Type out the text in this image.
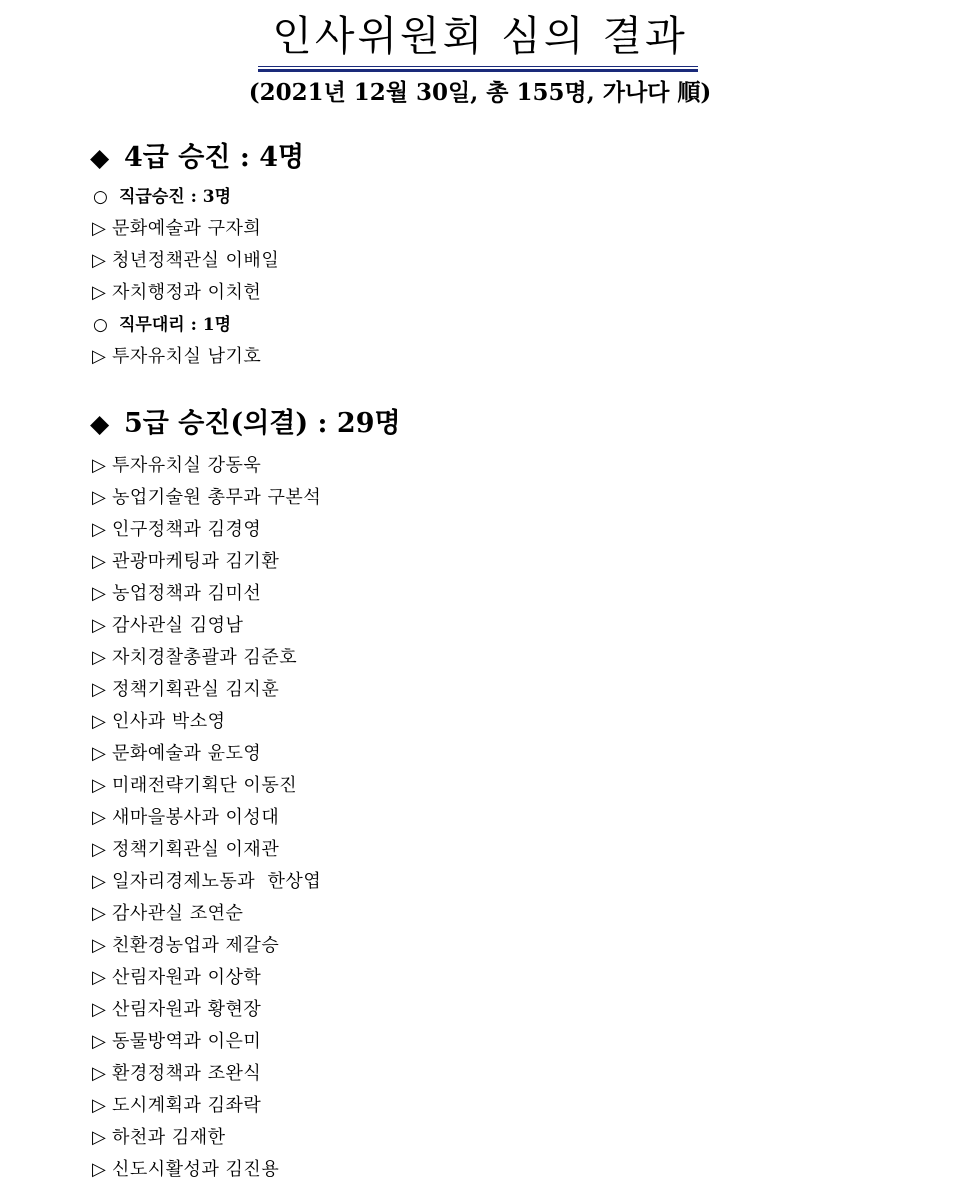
인사위원회 심의 결과
(2021년 12월 30일, 총 155명, 가나다 順)
◆ 4급 승진 : 4명
○ 직급승진 : 3명
▷ 문화예술과 구자희
▷ 청년정책관실 이배일
▷ 자치행정과 이치헌
○ 직무대리 : 1명
▷ 투자유치실 남기호
◆ 5급 승진(의결) : 29명
▷ 투자유치실 강동욱
▷ 농업기술원 총무과 구본석
▷ 인구정책과 김경영
▷ 관광마케팅과 김기환
▷ 농업정책과 김미선
▷ 감사관실 김영남
▷ 자치경찰총괄과 김준호
▷ 정책기획관실 김지훈
▷ 인사과 박소영
▷ 문화예술과 윤도영
▷ 미래전략기획단 이동진
▷ 새마을봉사과 이성대
▷ 정책기획관실 이재관
▷ 일자리경제노동과  한상엽
▷ 감사관실 조연순
▷ 친환경농업과 제갈승
▷ 산림자원과 이상학
▷ 산림자원과 황현장
▷ 동물방역과 이은미
▷ 환경정책과 조완식
▷ 도시계획과 김좌락
▷ 하천과 김재한
▷ 신도시활성과 김진용
